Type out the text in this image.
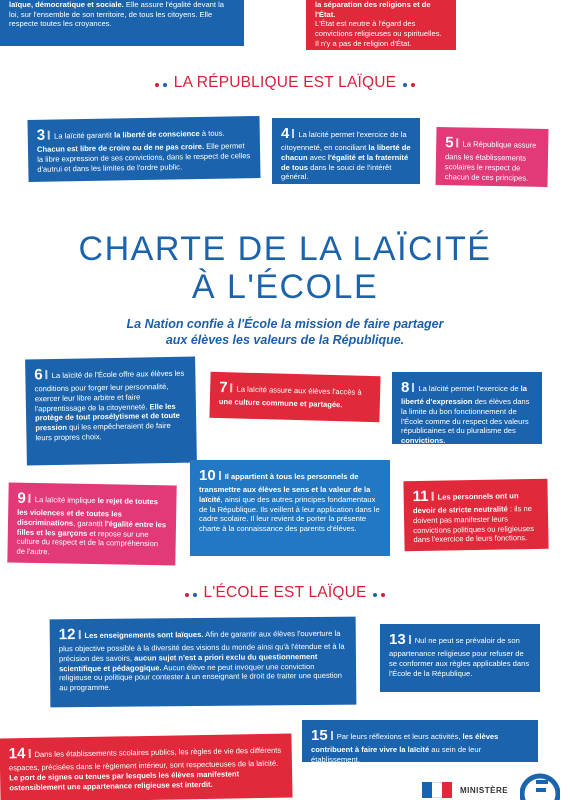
laïque, démocratique et sociale. Elle assure l'égalité devant la loi, sur l'ensemble de son territoire, de tous les citoyens. Elle respecte toutes les croyances.
la séparation des religions et de l'État.
L'État est neutre à l'égard des convictions religieuses ou spirituelles. Il n'y a pas de religion d'État.
LA RÉPUBLIQUE EST LAÏQUE
3 La laïcité garantit la liberté de conscience à tous. Chacun est libre de croire ou de ne pas croire. Elle permet la libre expression de ses convictions, dans le respect de celles d'autrui et dans les limites de l'ordre public.
4 La laïcité permet l'exercice de la citoyenneté, en conciliant la liberté de chacun avec l'égalité et la fraternité de tous dans le souci de l'intérêt général.
5 La République assure dans les établissements scolaires le respect de chacun de ces principes.
CHARTE DE LA LAÏCITÉ
À L'ÉCOLE
La Nation confie à l'École la mission de faire partager
aux élèves les valeurs de la République.
6 La laïcité de l'École offre aux élèves les conditions pour forger leur personnalité, exercer leur libre arbitre et faire l'apprentissage de la citoyenneté. Elle les protège de tout prosélytisme et de toute pression qui les empêcheraient de faire leurs propres choix.
7 La laïcité assure aux élèves l'accès à une culture commune et partagée.
8 La laïcité permet l'exercice de la liberté d'expression des élèves dans la limite du bon fonctionnement de l'École comme du respect des valeurs républicaines et du pluralisme des convictions.
9 La laïcité implique le rejet de toutes les violences et de toutes les discriminations, garantit l'égalité entre les filles et les garçons et repose sur une culture du respect et de la compréhension de l'autre.
10 Il appartient à tous les personnels de transmettre aux élèves le sens et la valeur de la laïcité, ainsi que des autres principes fondamentaux de la République. Ils veillent à leur application dans le cadre scolaire. Il leur revient de porter la présente charte à la connaissance des parents d'élèves.
11 Les personnels ont un devoir de stricte neutralité : ils ne doivent pas manifester leurs convictions politiques ou religieuses dans l'exercice de leurs fonctions.
L'ÉCOLE EST LAÏQUE
12 Les enseignements sont laïques. Afin de garantir aux élèves l'ouverture la plus objective possible à la diversité des visions du monde ainsi qu'à l'étendue et à la précision des savoirs, aucun sujet n'est a priori exclu du questionnement scientifique et pédagogique. Aucun élève ne peut invoquer une conviction religieuse ou politique pour contester à un enseignant le droit de traiter une question au programme.
13 Nul ne peut se prévaloir de son appartenance religieuse pour refuser de se conformer aux règles applicables dans l'École de la République.
14 Dans les établissements scolaires publics, les règles de vie des différents espaces, précisées dans le règlement intérieur, sont respectueuses de la laïcité. Le port de signes ou tenues par lesquels les élèves manifestent ostensiblement une appartenance religieuse est interdit.
15 Par leurs réflexions et leurs activités, les élèves contribuent à faire vivre la laïcité au sein de leur établissement.
MINISTÈRE
